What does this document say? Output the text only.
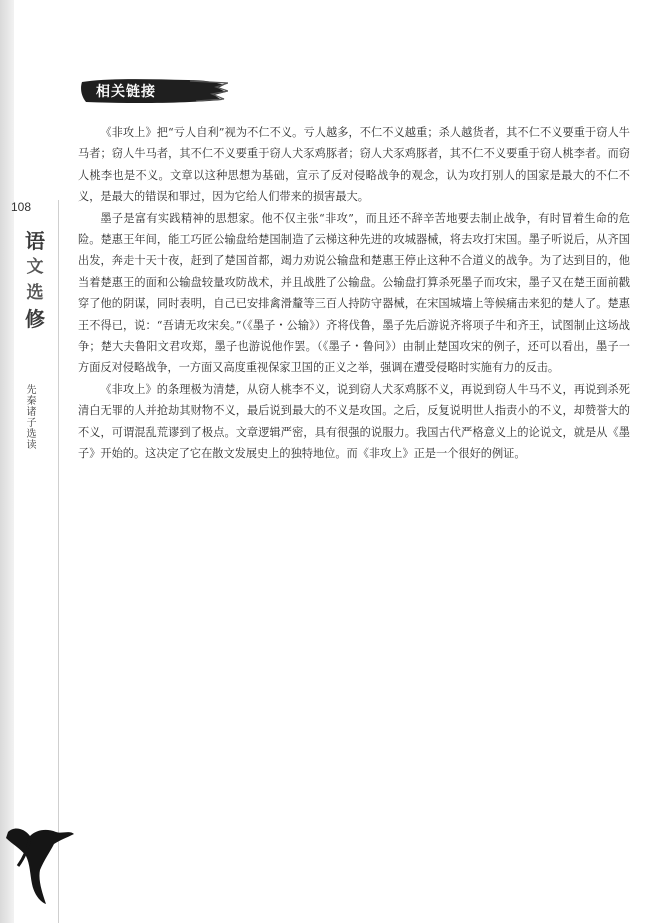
108
语
文
选
修
先秦诸子选读
相关链接

《非攻上》把“亏人自利”视为不仁不义。亏人越多，不仁不义越重；杀人越货者，其不仁不义要重于窃人牛马者；窃人牛马者，其不仁不义要重于窃人犬豕鸡豚者；窃人犬豕鸡豚者，其不仁不义要重于窃人桃李者。而窃人桃李也是不义。文章以这种思想为基础，宣示了反对侵略战争的观念，认为攻打别人的国家是最大的不仁不义，是最大的错误和罪过，因为它给人们带来的损害最大。

墨子是富有实践精神的思想家。他不仅主张“非攻”，而且还不辞辛苦地要去制止战争，有时冒着生命的危险。楚惠王年间，能工巧匠公输盘给楚国制造了云梯这种先进的攻城器械，将去攻打宋国。墨子听说后，从齐国出发，奔走十天十夜，赶到了楚国首都，竭力劝说公输盘和楚惠王停止这种不合道义的战争。为了达到目的，他当着楚惠王的面和公输盘较量攻防战术，并且战胜了公输盘。公输盘打算杀死墨子而攻宋，墨子又在楚王面前戳穿了他的阴谋，同时表明，自己已安排禽滑釐等三百人持防守器械，在宋国城墙上等候痛击来犯的楚人了。楚惠王不得已，说：“吾请无攻宋矣。”（《墨子・公输》）齐将伐鲁，墨子先后游说齐将项子牛和齐王，试图制止这场战争；楚大夫鲁阳文君攻郑，墨子也游说他作罢。（《墨子・鲁问》）由制止楚国攻宋的例子，还可以看出，墨子一方面反对侵略战争，一方面又高度重视保家卫国的正义之举，强调在遭受侵略时实施有力的反击。

《非攻上》的条理极为清楚，从窃人桃李不义，说到窃人犬豕鸡豚不义，再说到窃人牛马不义，再说到杀死清白无罪的人并抢劫其财物不义，最后说到最大的不义是攻国。之后，反复说明世人指责小的不义，却赞誉大的不义，可谓混乱荒谬到了极点。文章逻辑严密，具有很强的说服力。我国古代严格意义上的论说文，就是从《墨子》开始的。这决定了它在散文发展史上的独特地位。而《非攻上》正是一个很好的例证。
